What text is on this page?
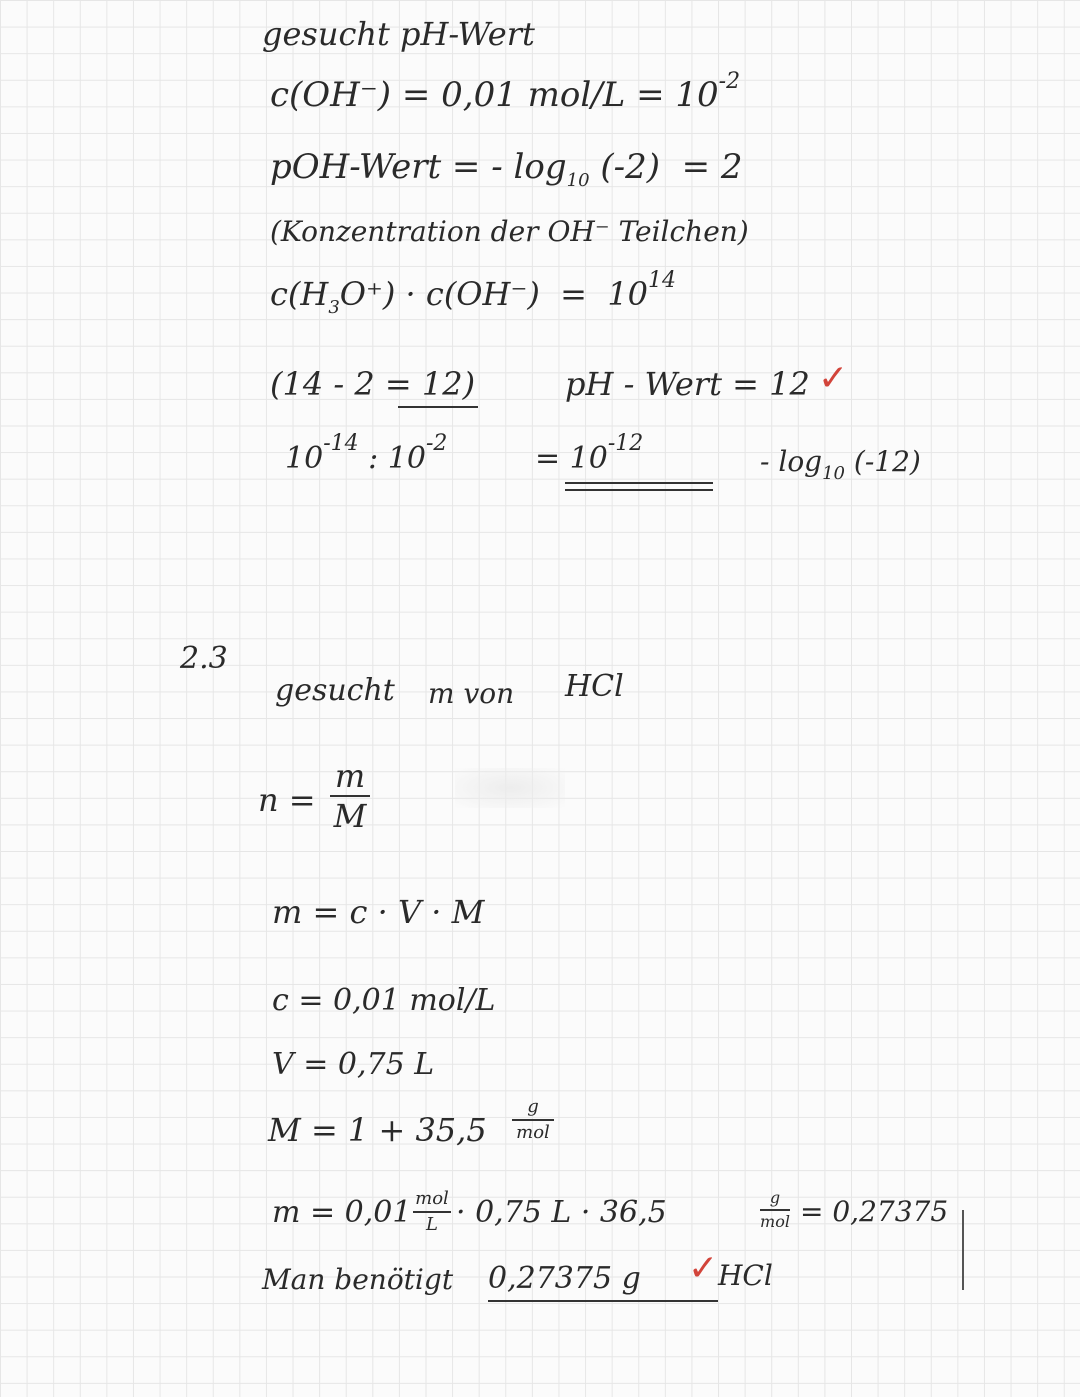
gesucht pH-Wert
c(OH⁻) = 0,01 $mol/L = 10^{-2}$
pOH-Wert = - $\log_{10} (-2) = 2$
(Konzentration der OH⁻ Teilchen)
$c(H_3O^+) \cdot c(OH^-) = 10^{14}$
(14 - 2 = 12)	pH - Wert = 12 ✓
$10^{-14}$ : $10^{-2}$	= $10^{-12}$
- $\log_{10} (-12)$
2.3
gesucht m von HCl
n =
m
M
m = c · V · M
c = 0,01 mol/L
V = 0,75 L
M = 1 + 35,5
g
mol
m = 0,01 mol
L · 0,75 L · 36,5	g
mol = 0,27375
Man benötigt 0,27375 g ✓ HCl
